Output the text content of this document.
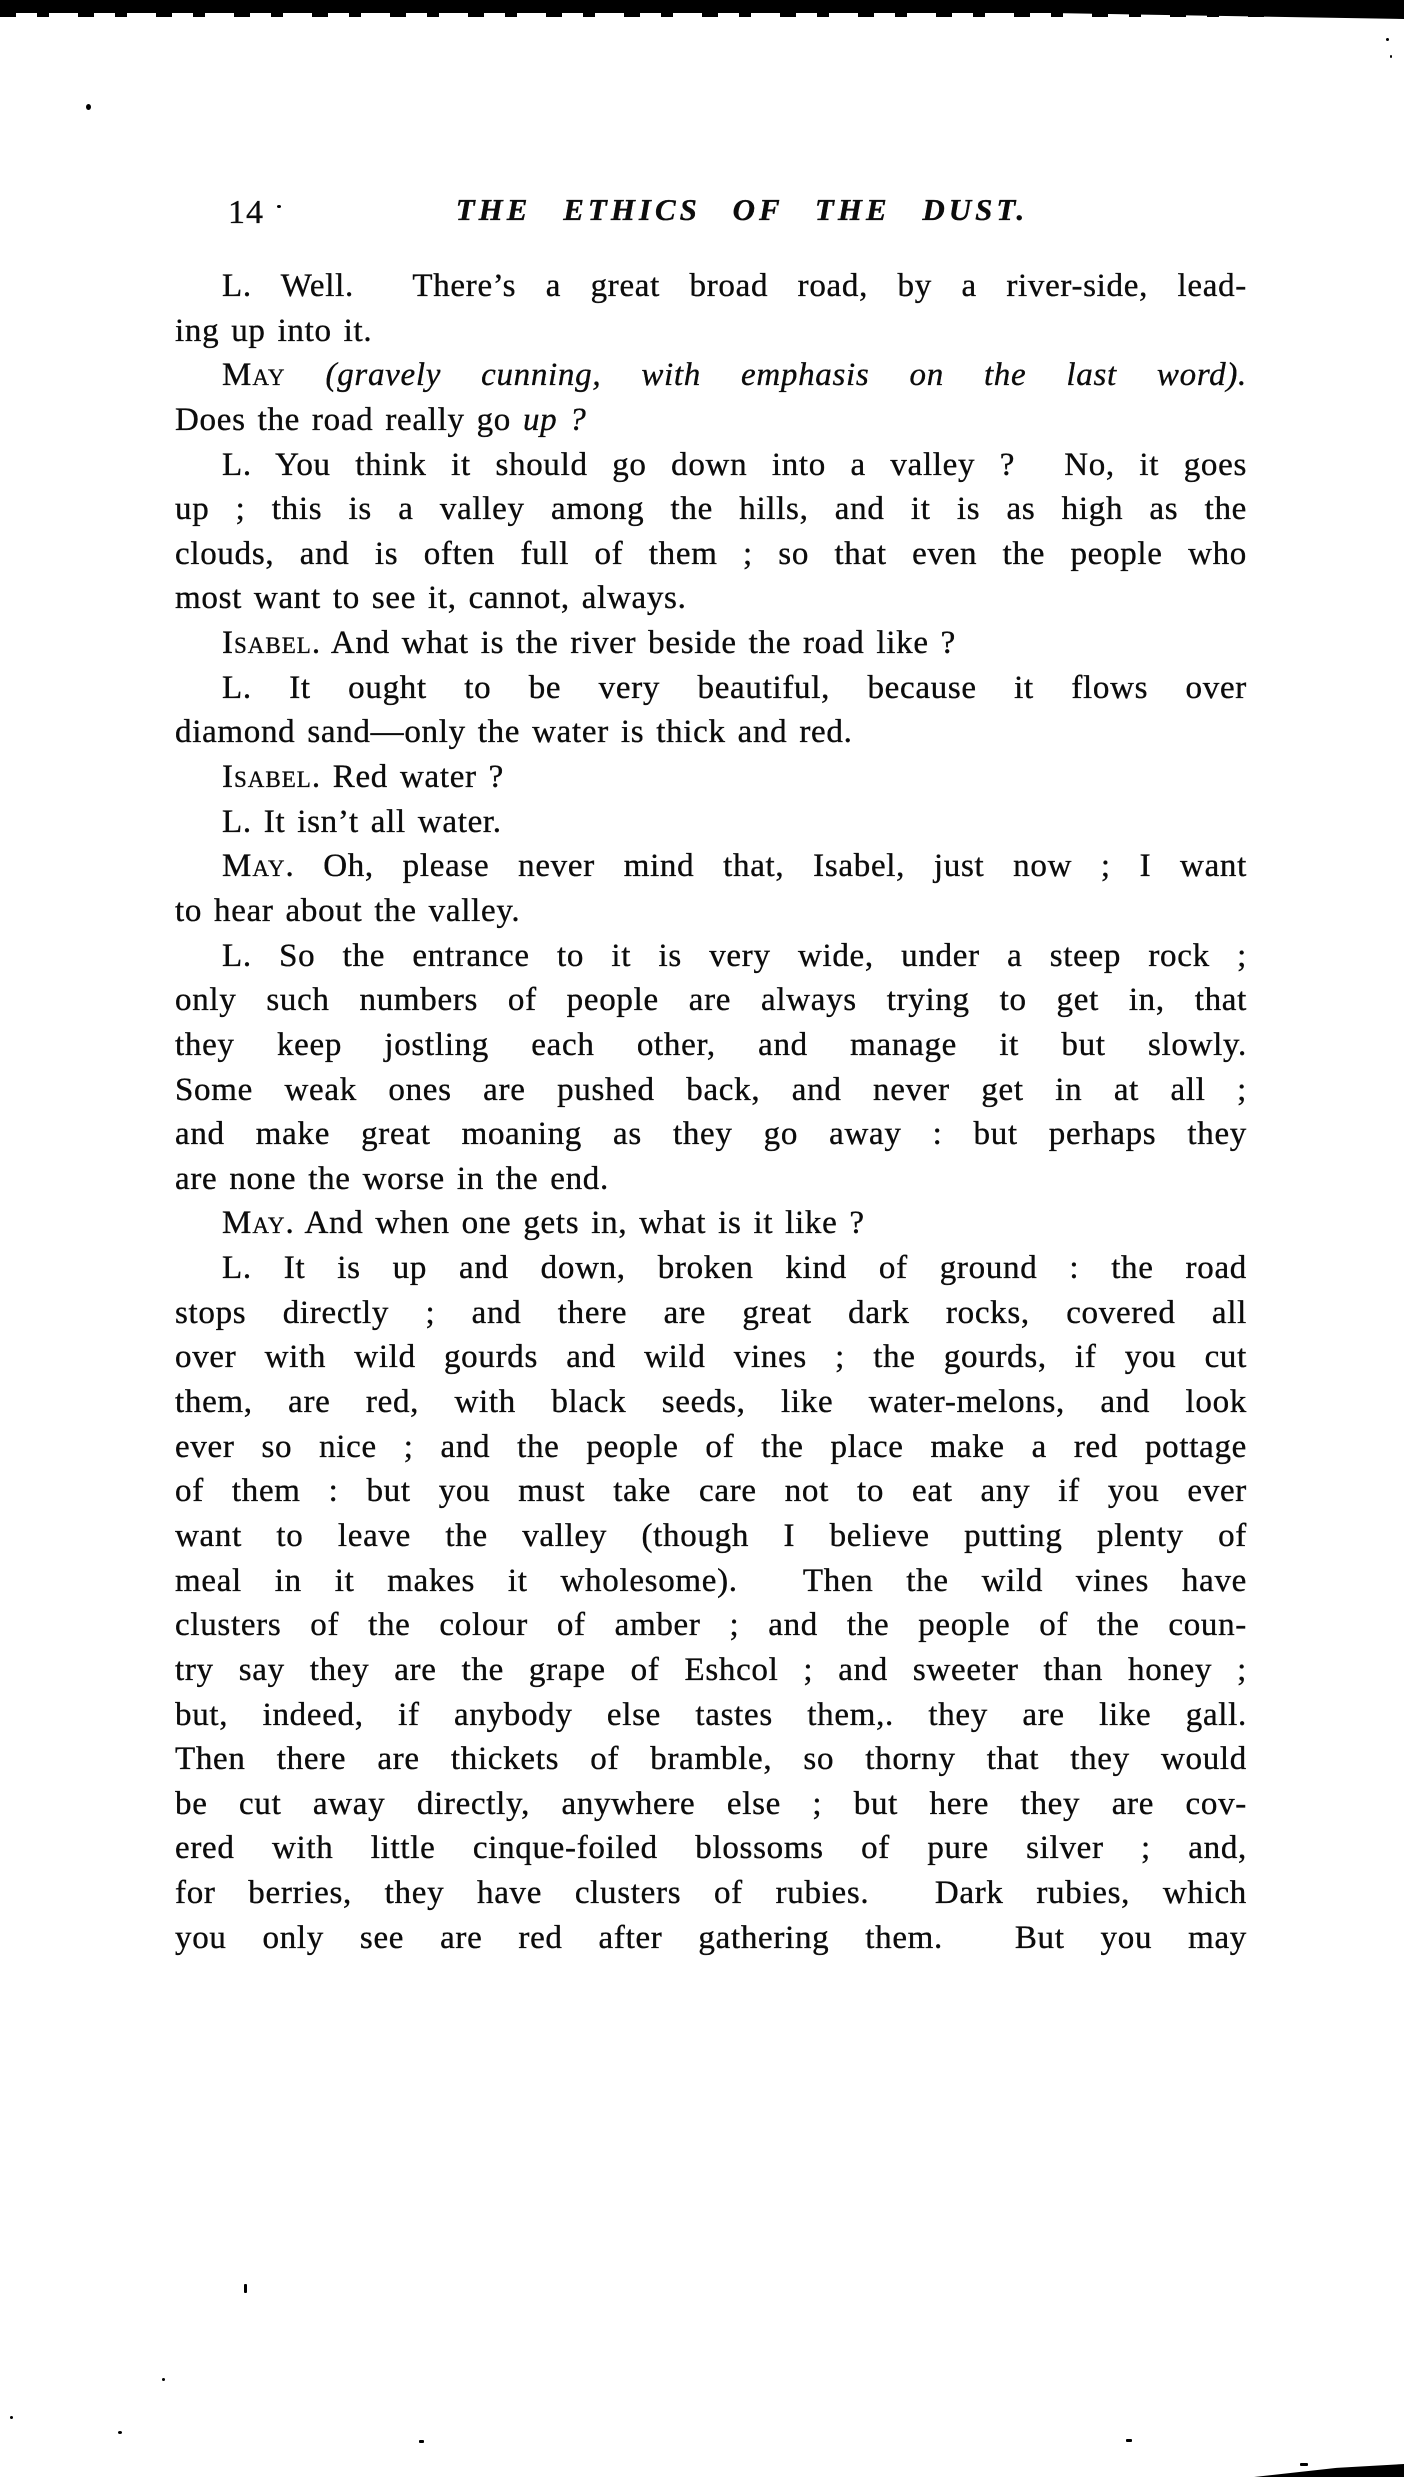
14	THE ETHICS OF THE DUST.
L. Well.  There’s a great broad road, by a river-side, lead-
ing up into it.
May (gravely cunning, with emphasis on the last word).
Does the road really go up ?
L. You think it should go down into a valley ?  No, it goes
up ; this is a valley among the hills, and it is as high as the
clouds, and is often full of them ; so that even the people who
most want to see it, cannot, always.
Isabel. And what is the river beside the road like ?
L. It ought to be very beautiful, because it flows over
diamond sand—only the water is thick and red.
Isabel. Red water ?
L. It isn’t all water.
May. Oh, please never mind that, Isabel, just now ; I want
to hear about the valley.
L. So the entrance to it is very wide, under a steep rock ;
only such numbers of people are always trying to get in, that
they keep jostling each other, and manage it but slowly.
Some weak ones are pushed back, and never get in at all ;
and make great moaning as they go away : but perhaps they
are none the worse in the end.
May. And when one gets in, what is it like ?
L. It is up and down, broken kind of ground : the road
stops directly ; and there are great dark rocks, covered all
over with wild gourds and wild vines ; the gourds, if you cut
them, are red, with black seeds, like water-melons, and look
ever so nice ; and the people of the place make a red pottage
of them : but you must take care not to eat any if you ever
want to leave the valley (though I believe putting plenty of
meal in it makes it wholesome).  Then the wild vines have
clusters of the colour of amber ; and the people of the coun-
try say they are the grape of Eshcol ; and sweeter than honey ;
but, indeed, if anybody else tastes them,. they are like gall.
Then there are thickets of bramble, so thorny that they would
be cut away directly, anywhere else ; but here they are cov-
ered with little cinque-foiled blossoms of pure silver ; and,
for berries, they have clusters of rubies.  Dark rubies, which
you only see are red after gathering them.  But you may
